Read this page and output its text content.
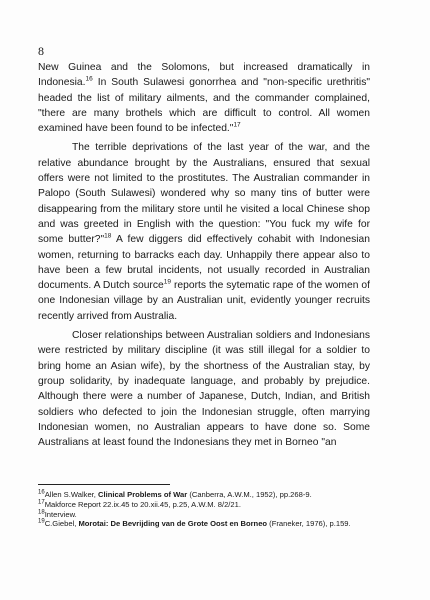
8

New Guinea and the Solomons, but increased dramatically in Indonesia.$^{16}$ In South Sulawesi gonorrhea and "non-specific urethritis" headed the list of military ailments, and the commander complained, "there are many brothels which are difficult to control. All women examined have been found to be infected."$^{17}$

The terrible deprivations of the last year of the war, and the relative abundance brought by the Australians, ensured that sexual offers were not limited to the prostitutes. The Australian commander in Palopo (South Sulawesi) wondered why so many tins of butter were disappearing from the military store until he visited a local Chinese shop and was greeted in English with the question: "You fuck my wife for some butter?"$^{18}$ A few diggers did effectively cohabit with Indonesian women, returning to barracks each day. Unhappily there appear also to have been a few brutal incidents, not usually recorded in Australian documents. A Dutch source$^{19}$ reports the sytematic rape of the women of one Indonesian village by an Australian unit, evidently younger recruits recently arrived from Australia.

Closer relationships between Australian soldiers and Indonesians were restricted by military discipline (it was still illegal for a soldier to bring home an Asian wife), by the shortness of the Australian stay, by group solidarity, by inadequate language, and probably by prejudice. Although there were a number of Japanese, Dutch, Indian, and British soldiers who defected to join the Indonesian struggle, often marrying Indonesian women, no Australian appears to have done so. Some Australians at least found the Indonesians they met in Borneo "an

$^{16}$Allen S.Walker, Clinical Problems of War (Canberra, A.W.M., 1952), pp.268-9.
$^{17}$Makforce Report 22.ix.45 to 20.xii.45, p.25, A.W.M. 8/2/21.
$^{18}$Interview.
$^{19}$C.Giebel, Morotai: De Bevrijding van de Grote Oost en Borneo (Franeker, 1976), p.159.
